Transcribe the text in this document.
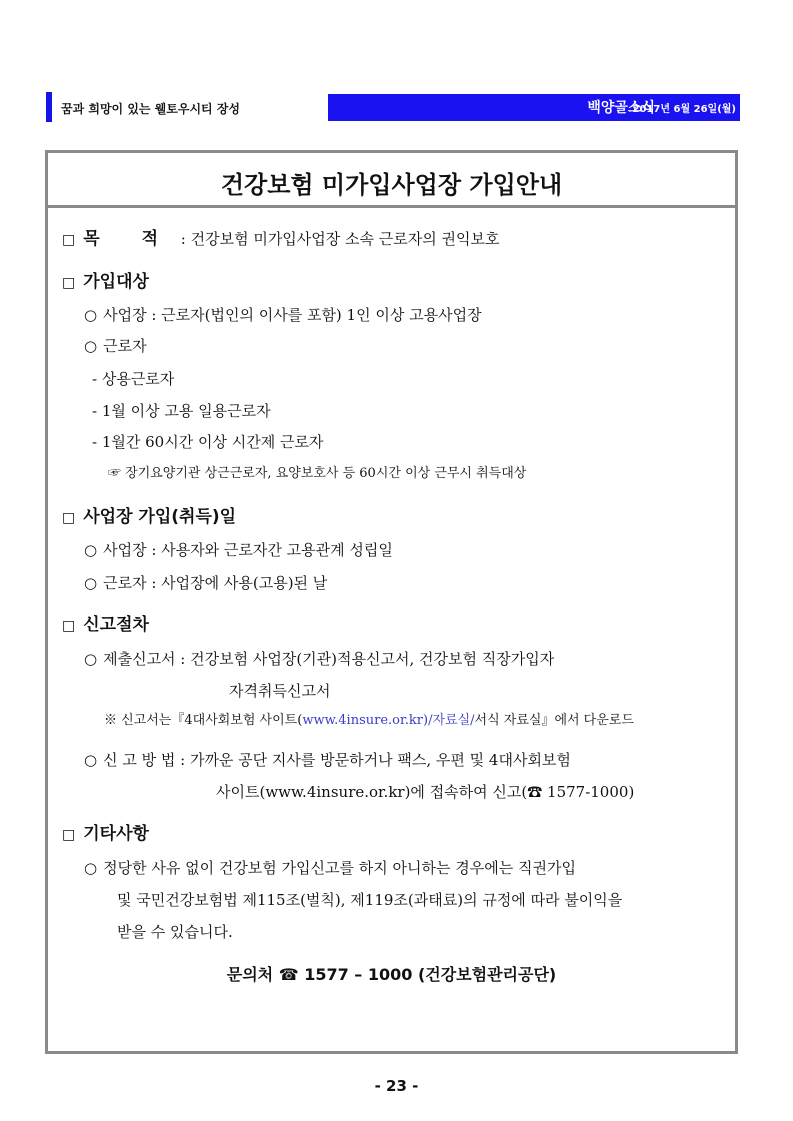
꿈과 희망이 있는 웰토우시티 장성	백양골소식
2017년 6월 26일(월)
건강보험 미가입사업장 가입안내
□ 목 적 : 건강보험 미가입사업장 소속 근로자의 권익보호
□ 가입대상
○ 사업장 : 근로자(법인의 이사를 포함) 1인 이상 고용사업장
○ 근로자
- 상용근로자
- 1월 이상 고용 일용근로자
- 1월간 60시간 이상 시간제 근로자
☞ 장기요양기관 상근근로자, 요양보호사 등 60시간 이상 근무시 취득대상
□ 사업장 가입(취득)일
○ 사업장 : 사용자와 근로자간 고용관계 성립일
○ 근로자 : 사업장에 사용(고용)된 날
□ 신고절차
○ 제출신고서 : 건강보험 사업장(기관)적용신고서, 건강보험 직장가입자
자격취득신고서
※ 신고서는『4대사회보험 사이트(www.4insure.or.kr)/자료실/서식 자료실』에서 다운로드
○ 신 고 방 법 : 가까운 공단 지사를 방문하거나 팩스, 우편 및 4대사회보험
사이트(www.4insure.or.kr)에 접속하여 신고(☎ 1577-1000)
□ 기타사항
○ 정당한 사유 없이 건강보험 가입신고를 하지 아니하는 경우에는 직권가입
및 국민건강보험법 제115조(벌칙), 제119조(과태료)의 규정에 따라 불이익을
받을 수 있습니다.
문의처 ☎ 1577 – 1000 (건강보험관리공단)
- 23 -
